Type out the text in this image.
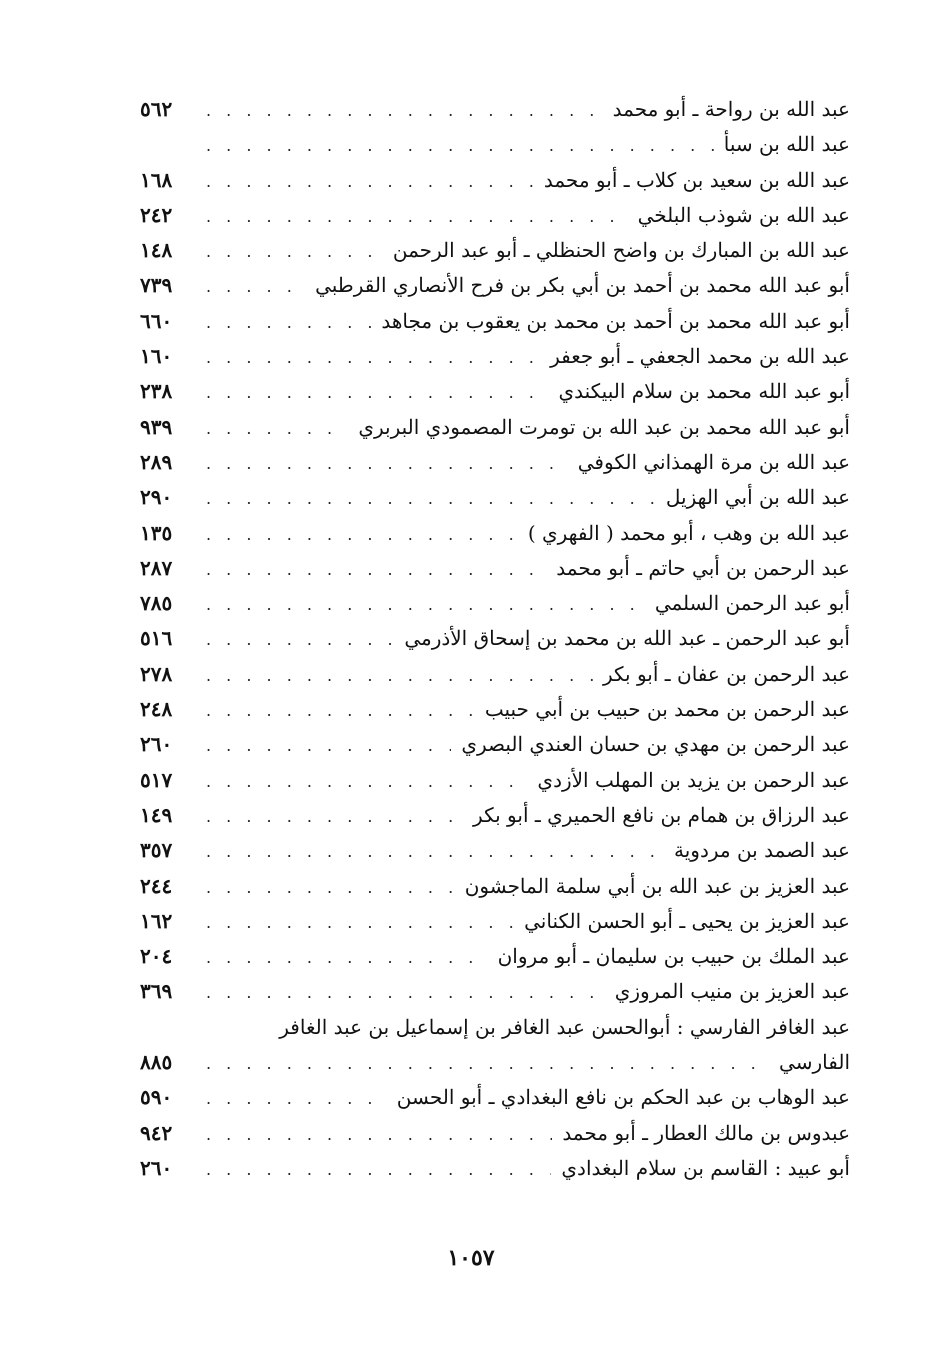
عبد الله بن رواحة ـ أبو محمد
. . .
٥٦٢
عبد الله بن سبأ
. . .
عبد الله بن سعيد بن كلاب ـ أبو محمد
. . .
١٦٨
عبد الله بن شوذب البلخي
. . .
٢٤٢
عبد الله بن المبارك بن واضح الحنظلي ـ أبو عبد الرحمن
. . .
١٤٨
أبو عبد الله محمد بن أحمد بن أبي بكر بن فرح الأنصاري القرطبي
. . .
٧٣٩
أبو عبد الله محمد بن أحمد بن محمد بن يعقوب بن مجاهد
. . .
٦٦٠
عبد الله بن محمد الجعفي ـ أبو جعفر
. . .
١٦٠
أبو عبد الله محمد بن سلام البيكندي
. . .
٢٣٨
أبو عبد الله محمد بن عبد الله بن تومرت المصمودي البربري
. . .
٩٣٩
عبد الله بن مرة الهمذاني الكوفي
. . .
٢٨٩
عبد الله بن أبي الهزيل
. . .
٢٩٠
عبد الله بن وهب ، أبو محمد ( الفهري )
. . .
١٣٥
عبد الرحمن بن أبي حاتم ـ أبو محمد
. . .
٢٨٧
أبو عبد الرحمن السلمي
. . .
٧٨٥
أبو عبد الرحمن ـ عبد الله بن محمد بن إسحاق الأذرمي
. . .
٥١٦
عبد الرحمن بن عفان ـ أبو بكر
. . .
٢٧٨
عبد الرحمن بن محمد بن حبيب بن أبي حبيب
. . .
٢٤٨
عبد الرحمن بن مهدي بن حسان العندي البصري
. . .
٢٦٠
عبد الرحمن بن يزيد بن المهلب الأزدي
. . .
٥١٧
عبد الرزاق بن همام بن نافع الحميري ـ أبو بكر
. . .
١٤٩
عبد الصمد بن مردوية
. . .
٣٥٧
عبد العزيز بن عبد الله بن أبي سلمة الماجشون
. . .
٢٤٤
عبد العزيز بن يحيى ـ أبو الحسن الكناني
. . .
١٦٢
عبد الملك بن حبيب بن سليمان ـ أبو مروان
. . .
٢٠٤
عبد العزيز بن منيب المروزي
. . .
٣٦٩
عبد الغافر الفارسي : أبوالحسن عبد الغافر بن إسماعيل بن عبد الغافر
الفارسي
. . .
٨٨٥
عبد الوهاب بن عبد الحكم بن نافع البغدادي ـ أبو الحسن
. . .
٥٩٠
عبدوس بن مالك العطار ـ أبو محمد
. . .
٩٤٢
أبو عبيد : القاسم بن سلام البغدادي
. . .
٢٦٠
١٠٥٧
